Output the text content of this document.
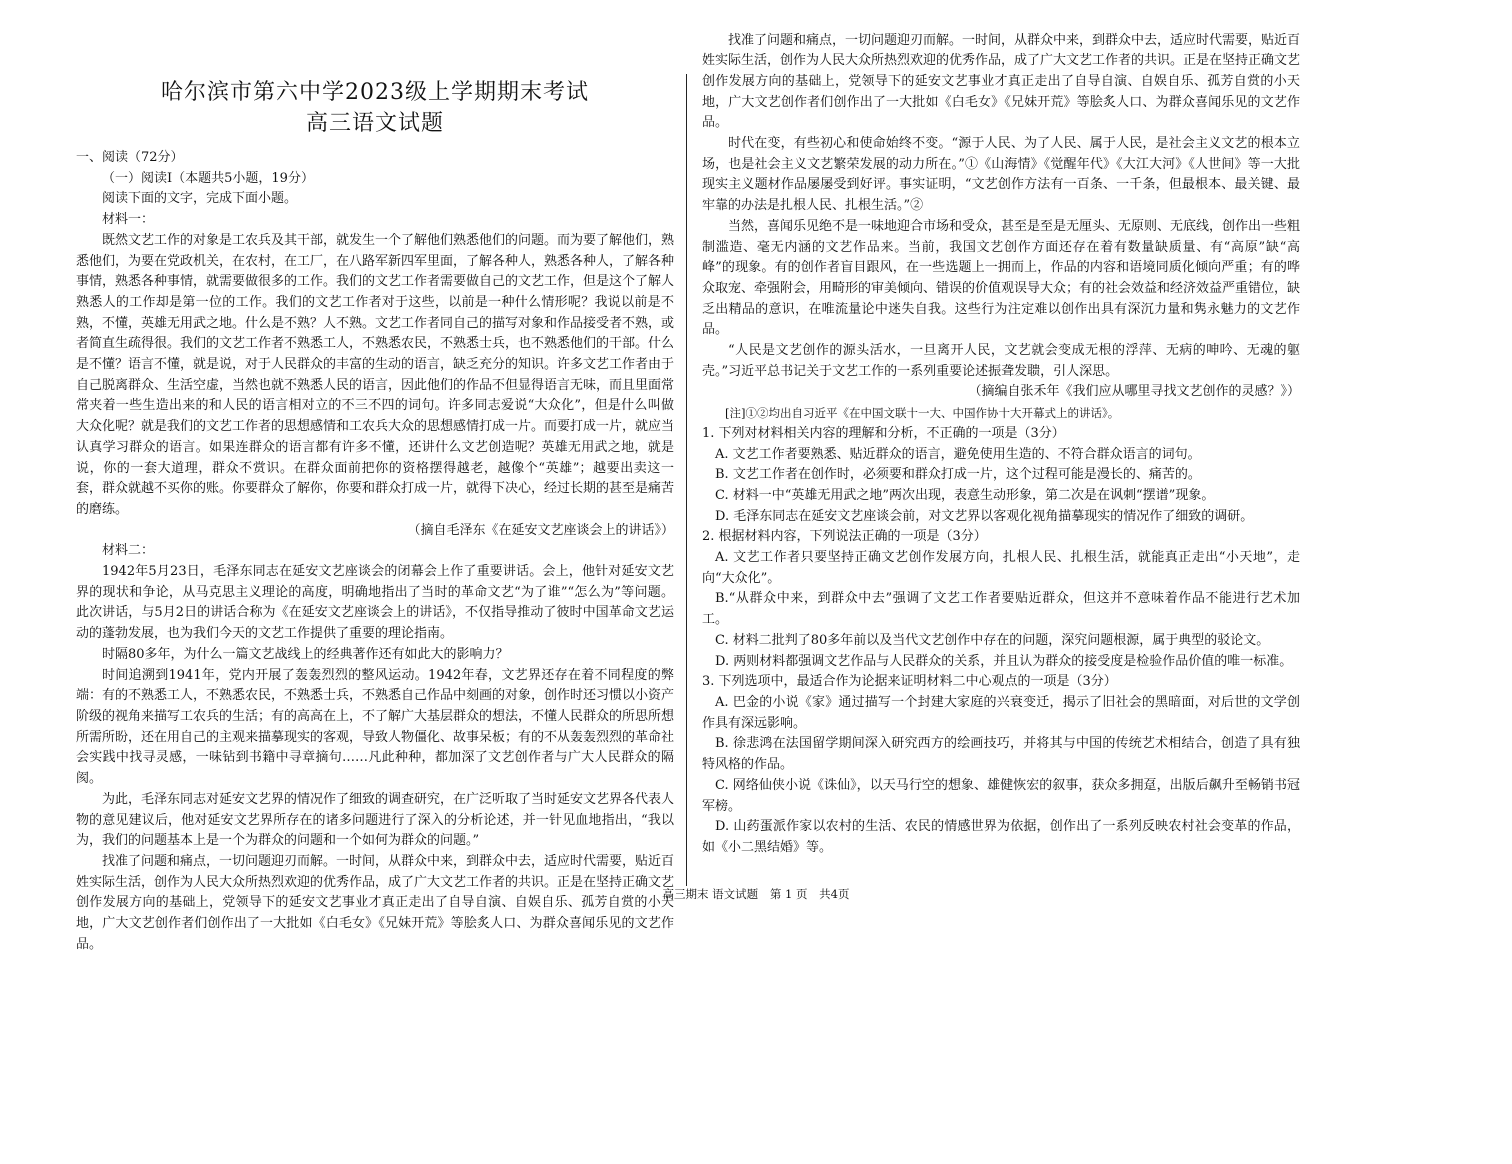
哈尔滨市第六中学2023级上学期期末考试
高三语文试题

一、阅读（72分）

（一）阅读Ⅰ（本题共5小题，19分）

阅读下面的文字，完成下面小题。

材料一：

既然文艺工作的对象是工农兵及其干部，就发生一个了解他们熟悉他们的问题。而为要了解他们，熟悉他们，为要在党政机关，在农村，在工厂，在八路军新四军里面，了解各种人，熟悉各种人，了解各种事情，熟悉各种事情，就需要做很多的工作。我们的文艺工作者需要做自己的文艺工作，但是这个了解人熟悉人的工作却是第一位的工作。我们的文艺工作者对于这些，以前是一种什么情形呢？我说以前是不熟，不懂，英雄无用武之地。什么是不熟？人不熟。文艺工作者同自己的描写对象和作品接受者不熟，或者简直生疏得很。我们的文艺工作者不熟悉工人，不熟悉农民，不熟悉士兵，也不熟悉他们的干部。什么是不懂？语言不懂，就是说，对于人民群众的丰富的生动的语言，缺乏充分的知识。许多文艺工作者由于自己脱离群众、生活空虚，当然也就不熟悉人民的语言，因此他们的作品不但显得语言无味，而且里面常常夹着一些生造出来的和人民的语言相对立的不三不四的词句。许多同志爱说“大众化”，但是什么叫做大众化呢？就是我们的文艺工作者的思想感情和工农兵大众的思想感情打成一片。而要打成一片，就应当认真学习群众的语言。如果连群众的语言都有许多不懂，还讲什么文艺创造呢？英雄无用武之地，就是说，你的一套大道理，群众不赏识。在群众面前把你的资格摆得越老，越像个“英雄”；越要出卖这一套，群众就越不买你的账。你要群众了解你，你要和群众打成一片，就得下决心，经过长期的甚至是痛苦的磨练。

（摘自毛泽东《在延安文艺座谈会上的讲话》）

材料二：

1942年5月23日，毛泽东同志在延安文艺座谈会的闭幕会上作了重要讲话。会上，他针对延安文艺界的现状和争论，从马克思主义理论的高度，明确地指出了当时的革命文艺“为了谁”“怎么为”等问题。此次讲话，与5月2日的讲话合称为《在延安文艺座谈会上的讲话》，不仅指导推动了彼时中国革命文艺运动的蓬勃发展，也为我们今天的文艺工作提供了重要的理论指南。

时隔80多年，为什么一篇文艺战线上的经典著作还有如此大的影响力？

时间追溯到1941年，党内开展了轰轰烈烈的整风运动。1942年春，文艺界还存在着不同程度的弊端：有的不熟悉工人，不熟悉农民，不熟悉士兵，不熟悉自己作品中刻画的对象，创作时还习惯以小资产阶级的视角来描写工农兵的生活；有的高高在上，不了解广大基层群众的想法，不懂人民群众的所思所想所需所盼，还在用自己的主观来描摹现实的客观，导致人物僵化、故事呆板；有的不从轰轰烈烈的革命社会实践中找寻灵感，一味钻到书籍中寻章摘句……凡此种种，都加深了文艺创作者与广大人民群众的隔阂。

为此，毛泽东同志对延安文艺界的情况作了细致的调查研究，在广泛听取了当时延安文艺界各代表人物的意见建议后，他对延安文艺界所存在的诸多问题进行了深入的分析论述，并一针见血地指出，“我以为，我们的问题基本上是一个为群众的问题和一个如何为群众的问题。”

找准了问题和痛点，一切问题迎刃而解。一时间，从群众中来，到群众中去，适应时代需要，贴近百姓实际生活，创作为人民大众所热烈欢迎的优秀作品，成了广大文艺工作者的共识。正是在坚持正确文艺创作发展方向的基础上，党领导下的延安文艺事业才真正走出了自导自演、自娱自乐、孤芳自赏的小天地，广大文艺创作者们创作出了一大批如《白毛女》《兄妹开荒》等脍炙人口、为群众喜闻乐见的文艺作品。

找准了问题和痛点，一切问题迎刃而解。一时间，从群众中来，到群众中去，适应时代需要，贴近百姓实际生活，创作为人民大众所热烈欢迎的优秀作品，成了广大文艺工作者的共识。正是在坚持正确文艺创作发展方向的基础上，党领导下的延安文艺事业才真正走出了自导自演、自娱自乐、孤芳自赏的小天地，广大文艺创作者们创作出了一大批如《白毛女》《兄妹开荒》等脍炙人口、为群众喜闻乐见的文艺作品。

时代在变，有些初心和使命始终不变。“源于人民、为了人民、属于人民，是社会主义文艺的根本立场，也是社会主义文艺繁荣发展的动力所在。”①《山海情》《觉醒年代》《大江大河》《人世间》等一大批现实主义题材作品屡屡受到好评。事实证明，“文艺创作方法有一百条、一千条，但最根本、最关键、最牢靠的办法是扎根人民、扎根生活。”②

当然，喜闻乐见绝不是一味地迎合市场和受众，甚至是至是无厘头、无原则、无底线，创作出一些粗制滥造、毫无内涵的文艺作品来。当前，我国文艺创作方面还存在着有数量缺质量、有“高原”缺“高峰”的现象。有的创作者盲目跟风，在一些选题上一拥而上，作品的内容和语境同质化倾向严重；有的哗众取宠、牵强附会，用畸形的审美倾向、错误的价值观误导大众；有的社会效益和经济效益严重错位，缺乏出精品的意识，在唯流量论中迷失自我。这些行为注定难以创作出具有深沉力量和隽永魅力的文艺作品。

“人民是文艺创作的源头活水，一旦离开人民，文艺就会变成无根的浮萍、无病的呻吟、无魂的躯壳。”习近平总书记关于文艺工作的一系列重要论述振聋发聩，引人深思。

（摘编自张禾年《我们应从哪里寻找文艺创作的灵感？》）

[注]①②均出自习近平《在中国文联十一大、中国作协十大开幕式上的讲话》。

1. 下列对材料相关内容的理解和分析，不正确的一项是（3分）

A. 文艺工作者要熟悉、贴近群众的语言，避免使用生造的、不符合群众语言的词句。

B. 文艺工作者在创作时，必须要和群众打成一片，这个过程可能是漫长的、痛苦的。

C. 材料一中“英雄无用武之地”两次出现，表意生动形象，第二次是在讽刺“摆谱”现象。

D. 毛泽东同志在延安文艺座谈会前，对文艺界以客观化视角描摹现实的情况作了细致的调研。

2. 根据材料内容，下列说法正确的一项是（3分）

A. 文艺工作者只要坚持正确文艺创作发展方向，扎根人民、扎根生活，就能真正走出“小天地”，走向“大众化”。

B.“从群众中来，到群众中去”强调了文艺工作者要贴近群众，但这并不意味着作品不能进行艺术加工。

C. 材料二批判了80多年前以及当代文艺创作中存在的问题，深究问题根源，属于典型的驳论文。

D. 两则材料都强调文艺作品与人民群众的关系，并且认为群众的接受度是检验作品价值的唯一标准。

3. 下列选项中，最适合作为论据来证明材料二中心观点的一项是（3分）

A. 巴金的小说《家》通过描写一个封建大家庭的兴衰变迁，揭示了旧社会的黑暗面，对后世的文学创作具有深远影响。

B. 徐悲鸿在法国留学期间深入研究西方的绘画技巧，并将其与中国的传统艺术相结合，创造了具有独特风格的作品。

C. 网络仙侠小说《诛仙》，以天马行空的想象、雄健恢宏的叙事，获众多拥趸，出版后飙升至畅销书冠军榜。

D. 山药蛋派作家以农村的生活、农民的情感世界为依据，创作出了一系列反映农村社会变革的作品，如《小二黑结婚》等。

高三期末 语文试题 第 1 页 共4页
